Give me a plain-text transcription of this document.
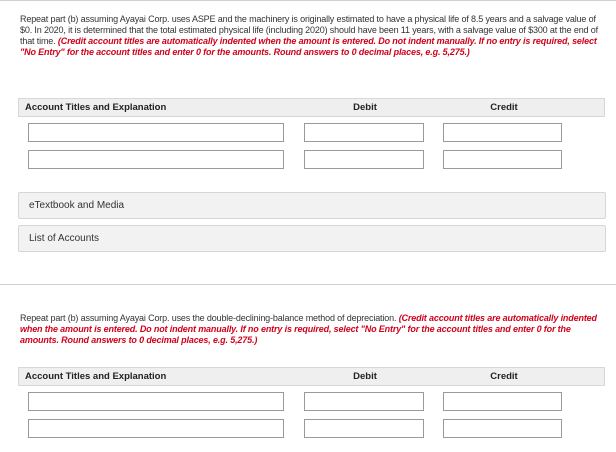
Repeat part (b) assuming Ayayai Corp. uses ASPE and the machinery is originally estimated to have a physical life of 8.5 years and a salvage value of $0. In 2020, it is determined that the total estimated physical life (including 2020) should have been 11 years, with a salvage value of $300 at the end of that time. (Credit account titles are automatically indented when the amount is entered. Do not indent manually. If no entry is required, select "No Entry" for the account titles and enter 0 for the amounts. Round answers to 0 decimal places, e.g. 5,275.)
Account Titles and Explanation	Debit	Credit
eTextbook and Media
List of Accounts
Repeat part (b) assuming Ayayai Corp. uses the double-declining-balance method of depreciation. (Credit account titles are automatically indented when the amount is entered. Do not indent manually. If no entry is required, select "No Entry" for the account titles and enter 0 for the amounts. Round answers to 0 decimal places, e.g. 5,275.)
Account Titles and Explanation	Debit	Credit
